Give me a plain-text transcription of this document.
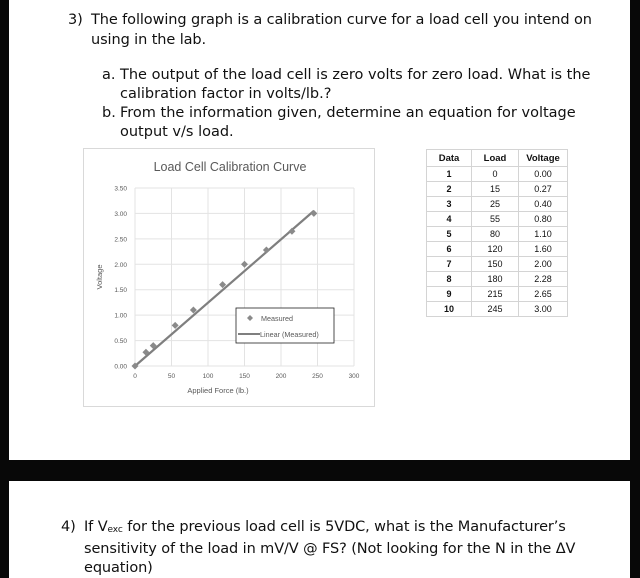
3) The following graph is a calibration curve for a load cell you intend on
using in the lab.
a. The output of the load cell is zero volts for zero load. What is the
calibration factor in volts/lb.?
b. From the information given, determine an equation for voltage
output v/s load.
Load Cell Calibration Curve
0.00
0.50
1.00
1.50
2.00
2.50
3.00
3.50
0	50	100	150	200	250	300
Voltage
Applied Force (lb.)
Measured
Linear (Measured)
Data	Load	Voltage
1	0	0.00
2	15	0.27
3	25	0.40
4	55	0.80
5	80	1.10
6	120	1.60
7	150	2.00
8	180	2.28
9	215	2.65
10	245	3.00
4) If $V_{exc}$ for the previous load cell is 5VDC, what is the Manufacturer’s
sensitivity of the load in mV/V @ FS? (Not looking for the N in the ΔV
equation)
